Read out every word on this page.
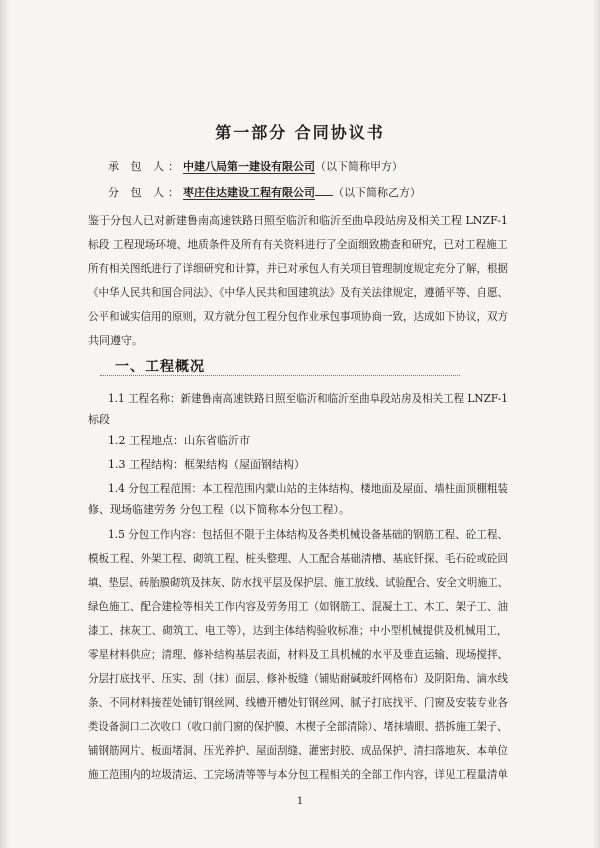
第一部分 合同协议书
承 包 人：中建八局第一建设有限公司（以下简称甲方）
分 包 人：枣庄住达建设工程有限公司 （以下简称乙方）
鉴于分包人已对新建鲁南高速铁路日照至临沂和临沂至曲阜段站房及相关工程 LNZF-1
标段 工程现场环境、地质条件及所有有关资料进行了全面细致勘查和研究，已对工程施工
所有相关图纸进行了详细研究和计算，并已对承包人有关项目管理制度规定充分了解，根据
《中华人民共和国合同法》、《中华人民共和国建筑法》及有关法律规定，遵循平等、自愿、
公平和诚实信用的原则，双方就分包工程分包作业承包事项协商一致，达成如下协议，双方
共同遵守。
一、工程概况
1.1 工程名称：新建鲁南高速铁路日照至临沂和临沂至曲阜段站房及相关工程 LNZF-1
标段
1.2 工程地点：山东省临沂市
1.3 工程结构：框架结构（屋面钢结构）
1.4 分包工程范围：本工程范围内蒙山站的主体结构、楼地面及屋面、墙柱面顶棚粗装
修、现场临建劳务 分包工程（以下简称本分包工程）。
1.5 分包工作内容：包括但不限于主体结构及各类机械设备基础的钢筋工程、砼工程、
模板工程、外架工程、砌筑工程、桩头整理、人工配合基础清槽、基底钎探、毛石砼或砼回
填、垫层、砖胎膜砌筑及抹灰、防水找平层及保护层、施工放线、试验配合、安全文明施工、
绿色施工、配合建检等相关工作内容及劳务用工（如钢筋工、混凝土工、木工、架子工、油
漆工、抹灰工、砌筑工、电工等），达到主体结构验收标准；中小型机械提供及机械用工，
零星材料供应；清理、修补结构基层表面，材料及工具机械的水平及垂直运输、现场搅拌、
分层打底找平、压实、刮（抹）面层、修补板缝（铺贴耐碱玻纤网格布）及阴阳角、滴水线
条、不同材料接茬处铺钉钢丝网、线槽开槽处钉钢丝网、腻子打底找平、门窗及安装专业各
类设备洞口二次收口（收口前门窗的保护膜、木楔子全部清除）、堵抹墙眼、搭拆施工架子、
铺钢筋网片、板面堵洞、压光养护、屋面刮缝、灌密封胶、成品保护、清扫落地灰、本单位
施工范围内的垃圾清运、工完场清等等与本分包工程相关的全部工作内容，详见工程量清单
1
